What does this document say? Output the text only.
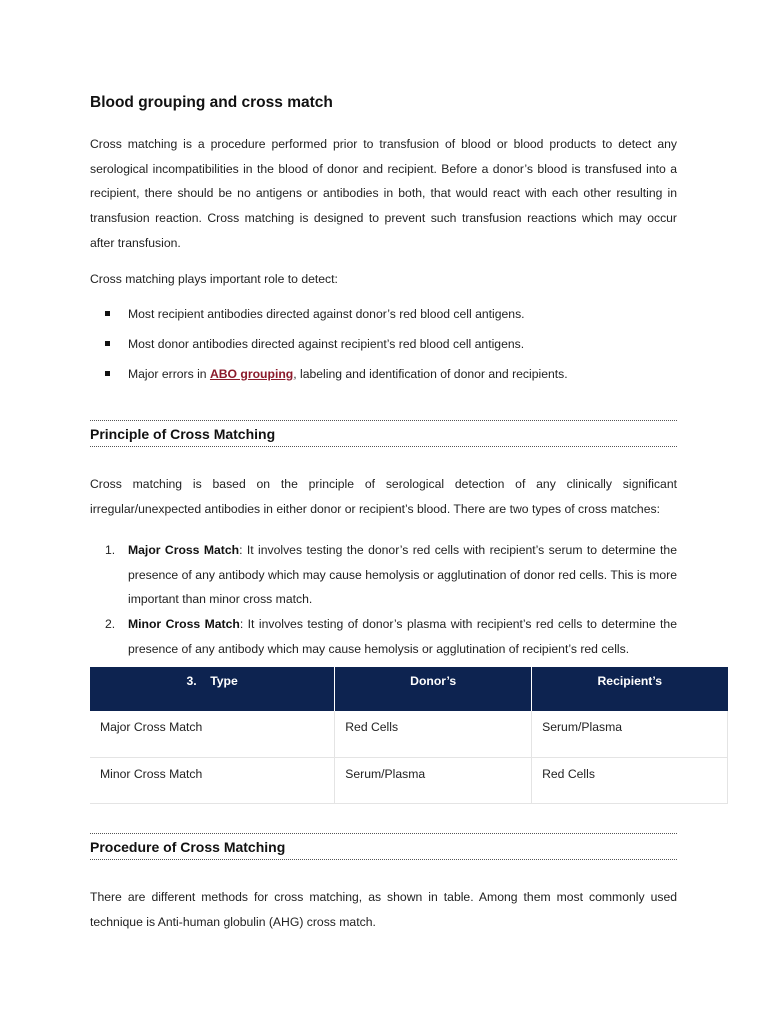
Blood grouping and cross match

Cross matching is a procedure performed prior to transfusion of blood or blood products to detect any serological incompatibilities in the blood of donor and recipient. Before a donor’s blood is transfused into a recipient, there should be no antigens or antibodies in both, that would react with each other resulting in transfusion reaction. Cross matching is designed to prevent such transfusion reactions which may occur after transfusion.

Cross matching plays important role to detect:

Most recipient antibodies directed against donor’s red blood cell antigens.
Most donor antibodies directed against recipient’s red blood cell antigens.
Major errors in ABO grouping, labeling and identification of donor and recipients.
Principle of Cross Matching

Cross matching is based on the principle of serological detection of any clinically significant irregular/unexpected antibodies in either donor or recipient’s blood. There are two types of cross matches:

1. Major Cross Match: It involves testing the donor’s red cells with recipient’s serum to determine the presence of any antibody which may cause hemolysis or agglutination of donor red cells. This is more important than minor cross match.
2. Minor Cross Match: It involves testing of donor’s plasma with recipient’s red cells to determine the presence of any antibody which may cause hemolysis or agglutination of recipient’s red cells.
Procedure of Cross Matching

There are different methods for cross matching, as shown in table. Among them most commonly used technique is Anti-human globulin (AHG) cross match.

3.    Type	Donor’s	Recipient’s
Major Cross Match	Red Cells	Serum/Plasma
Minor Cross Match	Serum/Plasma	Red Cells
